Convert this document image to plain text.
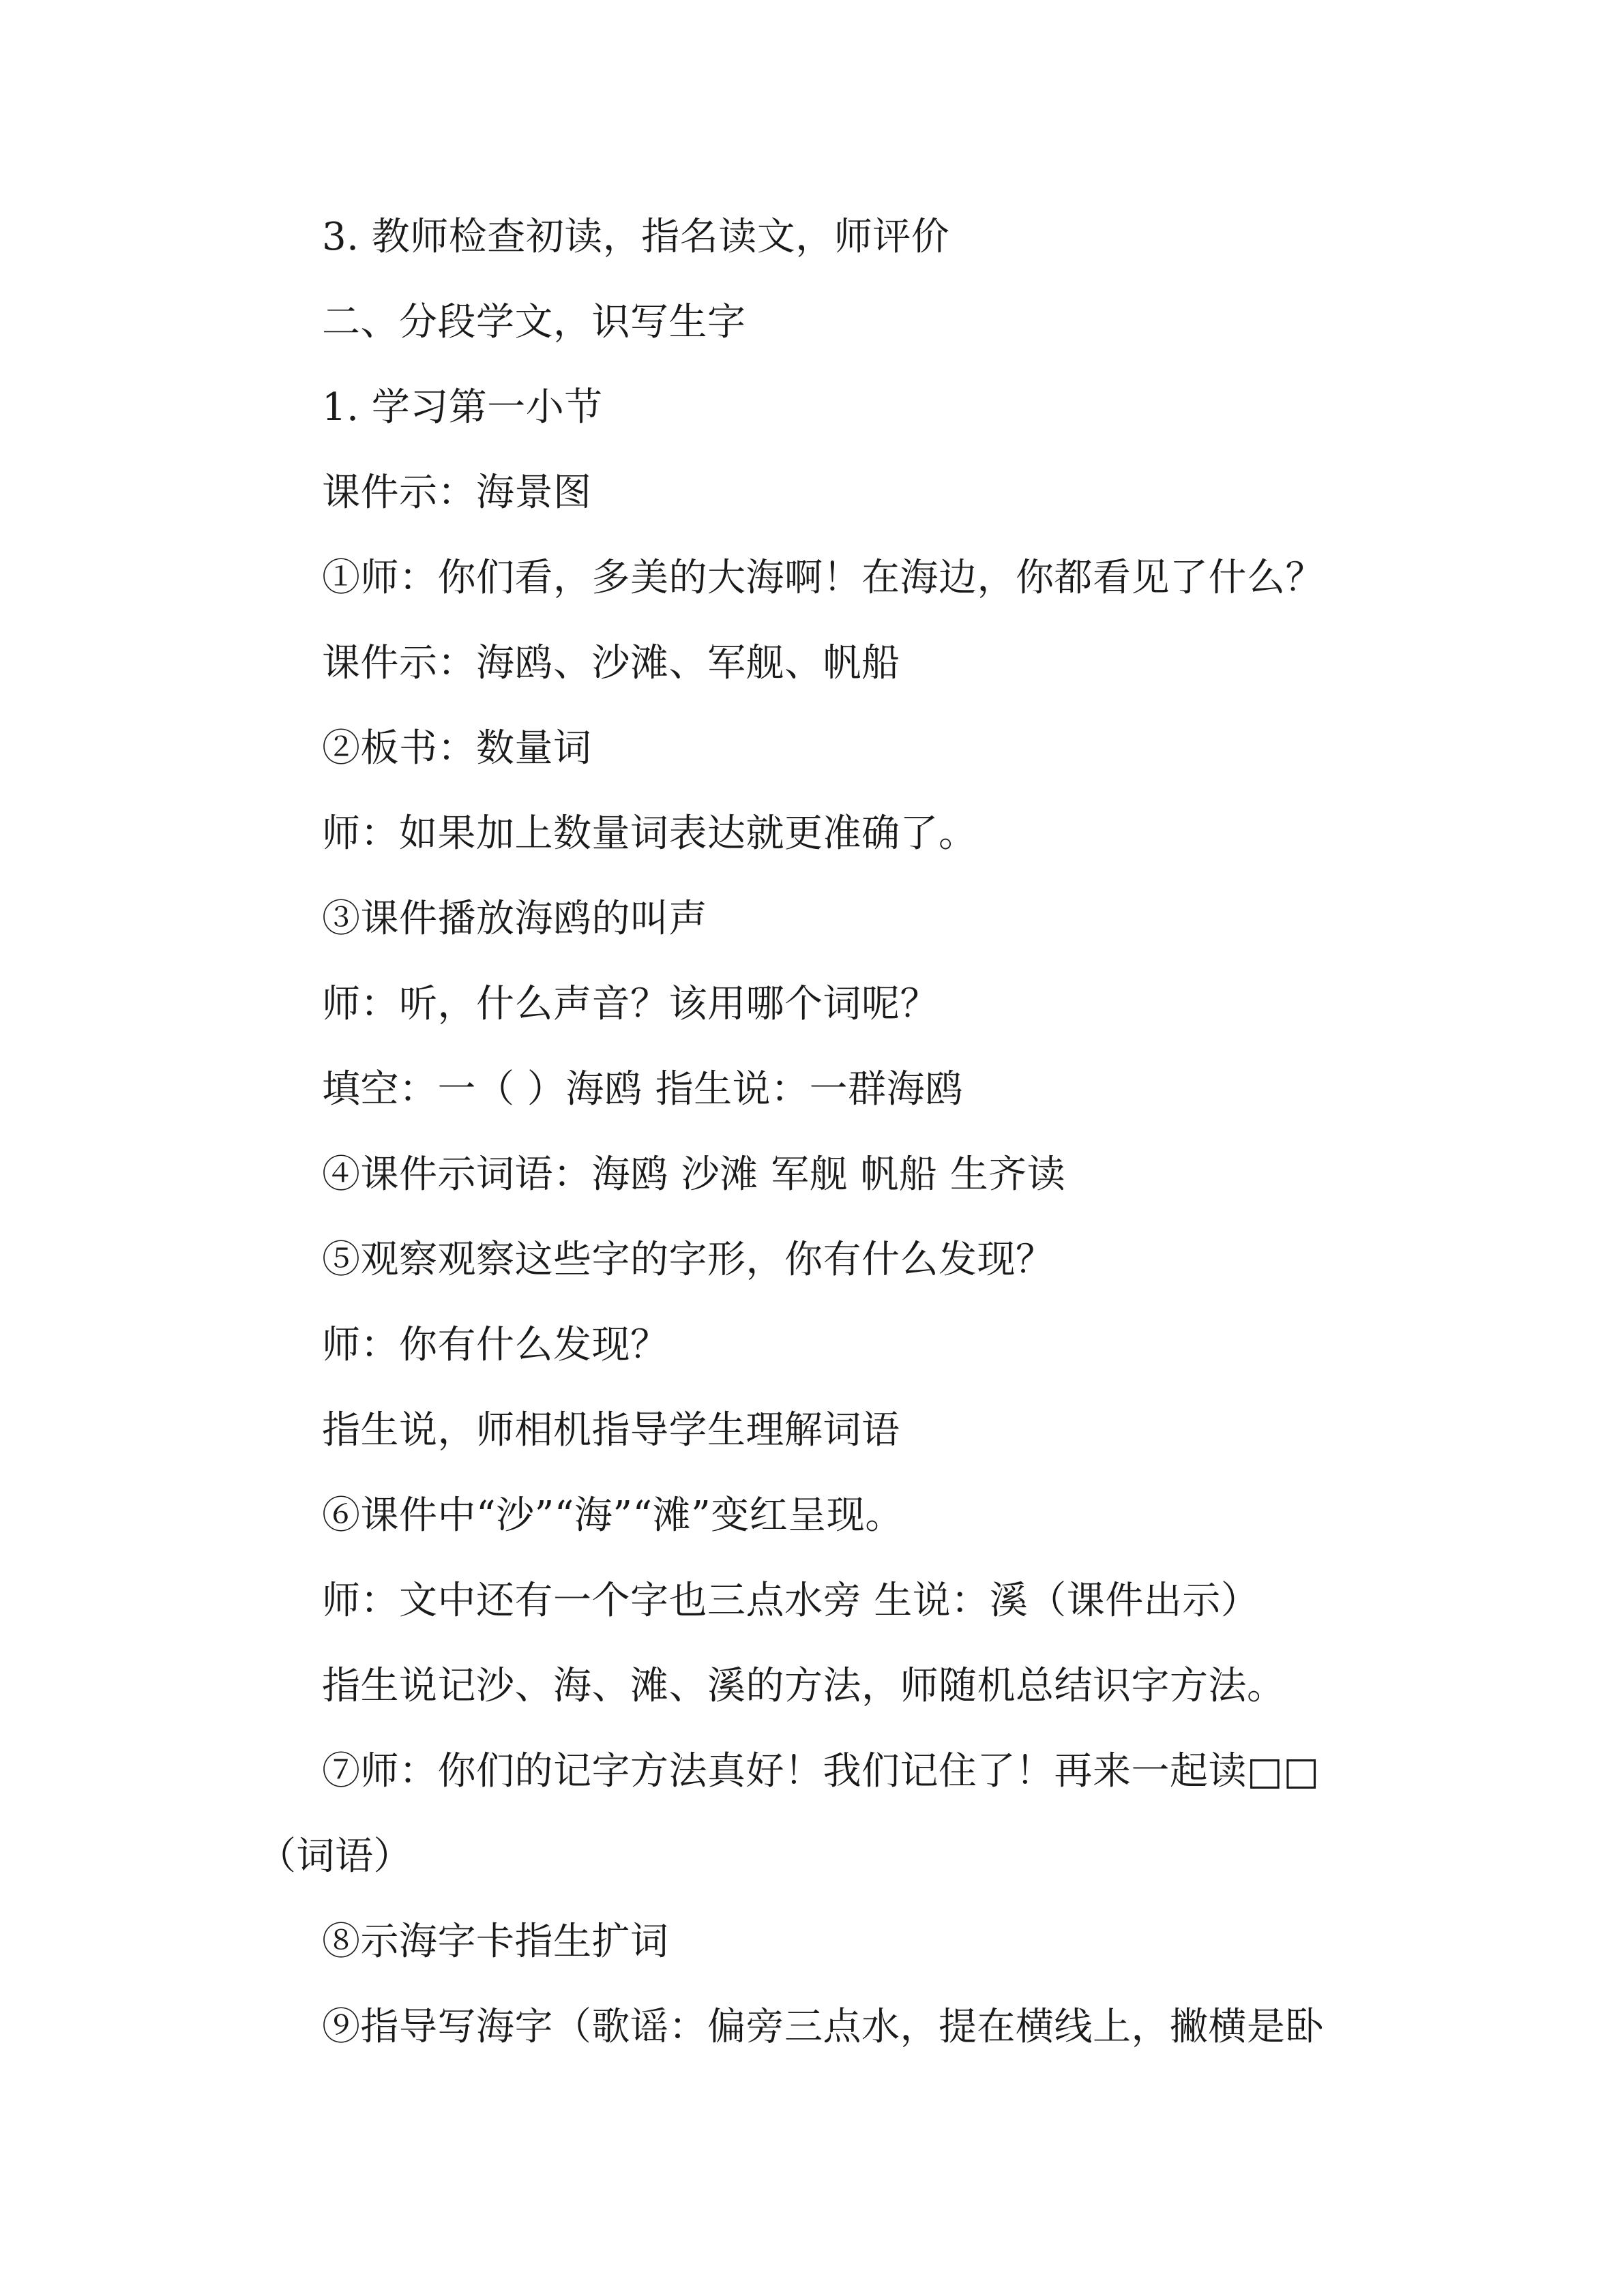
3. 教师检查初读，指名读文，师评价

二、分段学文，识写生字

1. 学习第一小节

课件示：海景图

①师：你们看，多美的大海啊！在海边，你都看见了什么？

课件示：海鸥、沙滩、军舰、帆船

②板书：数量词

师：如果加上数量词表达就更准确了。

③课件播放海鸥的叫声

师：听，什么声音？该用哪个词呢？

填空：一（ ）海鸥 指生说：一群海鸥

④课件示词语：海鸥 沙滩 军舰 帆船 生齐读

⑤观察观察这些字的字形，你有什么发现？

师：你有什么发现？

指生说，师相机指导学生理解词语

⑥课件中“沙”“海”“滩”变红呈现。

师：文中还有一个字也三点水旁 生说：溪（课件出示）

指生说记沙、海、滩、溪的方法，师随机总结识字方法。

⑦师：你们的记字方法真好！我们记住了！再来一起读□□

（词语）

⑧示海字卡指生扩词

⑨指导写海字（歌谣：偏旁三点水，提在横线上，撇横是卧
